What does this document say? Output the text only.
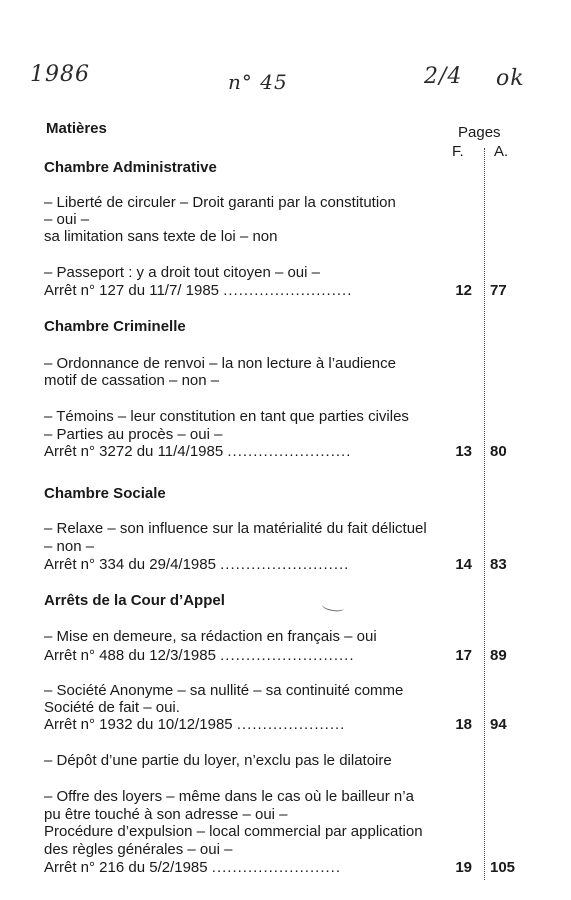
1986	n° 45	2/4 ok
Matières	Pages
F. A.
Chambre Administrative
– Liberté de circuler – Droit garanti par la constitution
– oui –
sa limitation sans texte de loi – non
– Passeport : y a droit tout citoyen – oui –
Arrêt n° 127 du 11/7/ 1985 .........................	12 77
Chambre Criminelle
– Ordonnance de renvoi – la non lecture à l’audience
motif de cassation – non –
– Témoins – leur constitution en tant que parties civiles
– Parties au procès – oui –
Arrêt n° 3272 du 11/4/1985 ........................	13 80
Chambre Sociale
– Relaxe – son influence sur la matérialité du fait délictuel
– non –
Arrêt n° 334 du 29/4/1985 .........................	14 83
Arrêts de la Cour d’Appel
– Mise en demeure, sa rédaction en français – oui
Arrêt n° 488 du 12/3/1985 ..........................	17 89
– Société Anonyme – sa nullité – sa continuité comme
Société de fait – oui.
Arrêt n° 1932 du 10/12/1985 .....................	18 94
– Dépôt d’une partie du loyer, n’exclu pas le dilatoire
– Offre des loyers – même dans le cas où le bailleur n’a
pu être touché à son adresse – oui –
Procédure d’expulsion – local commercial par application
des règles générales – oui –
Arrêt n° 216 du 5/2/1985 .........................	19 105
